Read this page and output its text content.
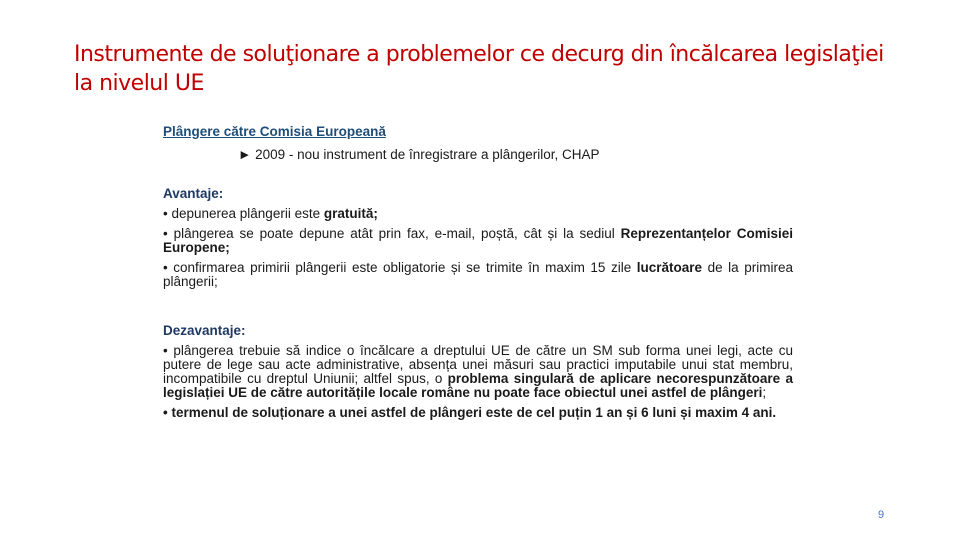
Instrumente de soluţionare a problemelor ce decurg din încălcarea legislaţiei
la nivelul UE
Plângere către Comisia Europeană
► 2009 - nou instrument de înregistrare a plângerilor, CHAP
Avantaje:

• depunerea plângerii este gratuită;

• plângerea se poate depune atât prin fax, e-mail, poștă, cât și la sediul Reprezentanțelor Comisiei Europene;

• confirmarea primirii plângerii este obligatorie și se trimite în maxim 15 zile lucrătoare de la primirea plângerii;

Dezavantaje:

• plângerea trebuie să indice o încălcare a dreptului UE de către un SM sub forma unei legi, acte cu putere de lege sau acte administrative, absența unei măsuri sau practici imputabile unui stat membru, incompatibile cu dreptul Uniunii; altfel spus, o problema singulară de aplicare necorespunzătoare a legislației UE de către autoritățile locale române nu poate face obiectul unei astfel de plângeri;

• termenul de soluționare a unei astfel de plângeri este de cel puțin 1 an și 6 luni și maxim 4 ani.

9
